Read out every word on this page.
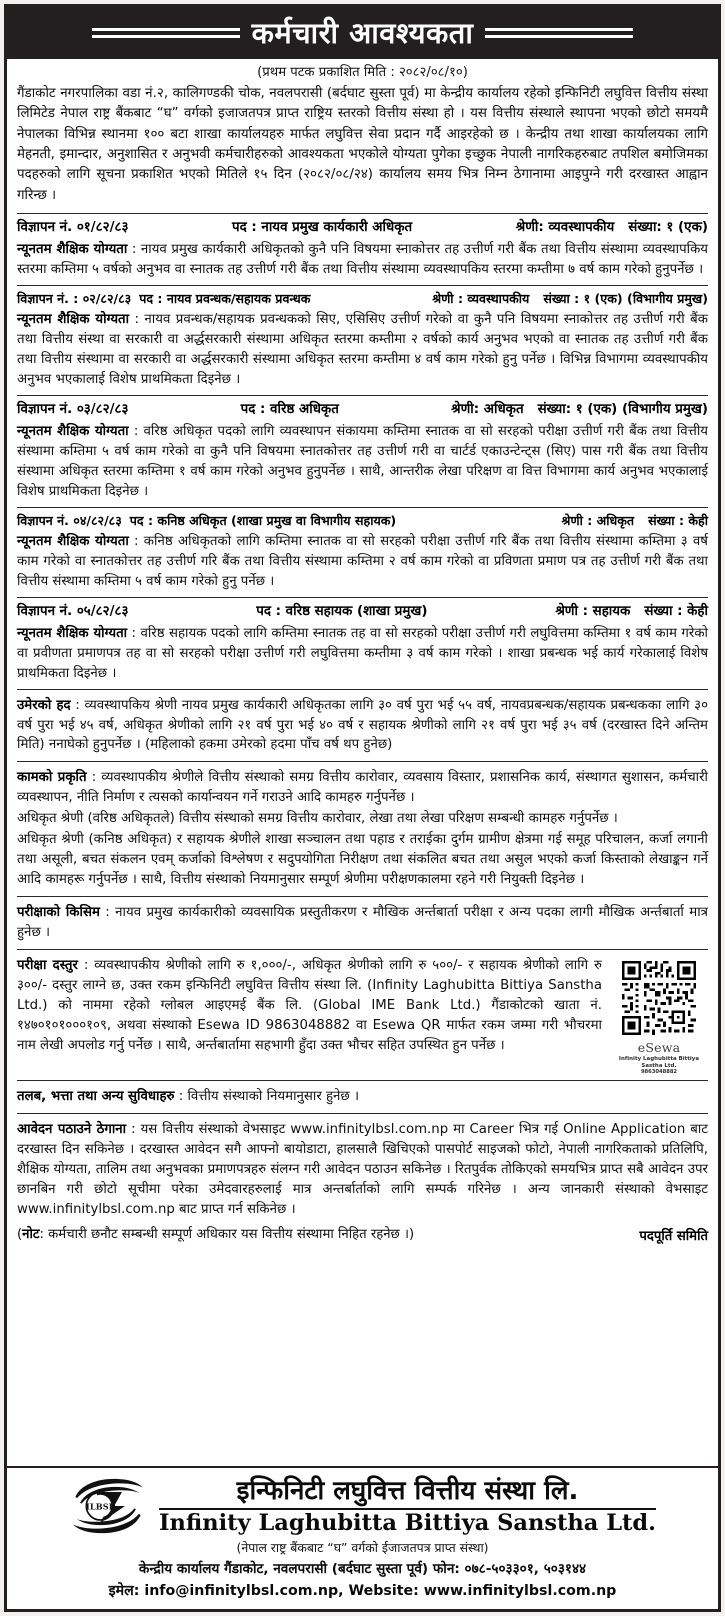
कर्मचारी आवश्यकता
(प्रथम पटक प्रकाशित मिति : २०८२/०८/१०)
गैंडाकोट नगरपालिका वडा नं.२, कालिगण्डकी चोक, नवलपरासी (बर्दघाट सुस्ता पूर्व) मा केन्द्रीय कार्यालय रहेको इन्फिनिटी लघुवित्त वित्तीय संस्था लिमिटेड नेपाल राष्ट्र बैंकबाट “घ” वर्गको इजाजतपत्र प्राप्त राष्ट्रिय स्तरको वित्तीय संस्था हो । यस वित्तीय संस्थाले स्थापना भएको छोटो समयमै नेपालका विभिन्न स्थानमा १०० बटा शाखा कार्यालयहरु मार्फत लघुवित्त सेवा प्रदान गर्दै आइरहेको छ । केन्द्रीय तथा शाखा कार्यालयका लागि मेहनती, इमान्दार, अनुशासित र अनुभवी कर्मचारीहरुको आवश्यकता भएकोले योग्यता पुगेका इच्छुक नेपाली नागरिकहरुबाट तपशिल बमोजिमका पदहरुको लागि सूचना प्रकाशित भएको मितिले १५ दिन (२०८२/०८/२४) कार्यालय समय भित्र निम्न ठेगानामा आइपुग्ने गरी दरखास्त आह्वान गरिन्छ ।
विज्ञापन नं. ०१/८२/८३	पद : नायव प्रमुख कार्यकारी अधिकृत	श्रेणी: व्यवस्थापकीय	संख्या: १ (एक)
न्यूनतम शैक्षिक योग्यता : नायव प्रमुख कार्यकारी अधिकृतको कुनै पनि विषयमा स्नाकोत्तर तह उत्तीर्ण गरी बैंक तथा वित्तीय संस्थामा व्यवस्थापकिय स्तरमा कम्तिमा ५ वर्षको अनुभव वा स्नातक तह उत्तीर्ण गरी बैंक तथा वित्तीय संस्थामा व्यवस्थापकिय स्तरमा कम्तीमा ७ वर्ष काम गरेको हुनुपर्नेछ ।
विज्ञापन नं. : ०२/८२/८३ पद : नायव प्रवन्धक/सहायक प्रवन्धक	श्रेणी : व्यवस्थापकीय	संख्या : १ (एक) (विभागीय प्रमुख)
न्यूनतम शैक्षिक योग्यता : नायव प्रवन्धक/सहायक प्रवन्धकको सिए, एसिसिए उत्तीर्ण गरेको वा कुनै पनि विषयमा स्नाकोत्तर तह उत्तीर्ण गरी बैंक तथा वित्तीय संस्था वा सरकारी वा अर्द्धसरकारी संस्थामा अधिकृत स्तरमा कम्तीमा २ वर्षको कार्य अनुभव भएको वा स्नातक तह उत्तीर्ण गरी बैंक तथा वित्तीय संस्थामा वा सरकारी वा अर्द्धसरकारी संस्थामा अधिकृत स्तरमा कम्तीमा ४ वर्ष काम गरेको हुनु पर्नेछ । विभिन्न विभागमा व्यवस्थापकीय अनुभव भएकालाई विशेष प्राथमिकता दिइनेछ ।
विज्ञापन नं. ०३/८२/८३	पद : वरिष्ठ अधिकृत	श्रेणी: अधिकृत	संख्या: १ (एक) (विभागीय प्रमुख)
न्यूनतम शैक्षिक योग्यता : वरिष्ठ अधिकृत पदको लागि व्यवस्थापन संकायमा कम्तिमा स्नातक वा सो सरहको परीक्षा उत्तीर्ण गरी बैंक तथा वित्तीय संस्थामा कम्तिमा ५ वर्ष काम गरेको वा कुनै पनि विषयमा स्नातकोत्तर तह उत्तीर्ण गरी वा चार्टर्ड एकाउन्टेन्ट्स (सिए) पास गरी बैंक तथा वित्तीय संस्थामा अधिकृत स्तरमा कम्तिमा १ वर्ष काम गरेको अनुभव हुनुपर्नेछ । साथै, आन्तरीक लेखा परिक्षण वा वित्त विभागमा कार्य अनुभव भएकालाई विशेष प्राथमिकता दिइनेछ ।
विज्ञापन नं. ०४/८२/८३ पद : कनिष्ठ अधिकृत (शाखा प्रमुख वा विभागीय सहायक)	श्रेणी : अधिकृत	संख्या : केही
न्यूनतम शैक्षिक योग्यता : कनिष्ठ अधिकृतको लागि कम्तिमा स्नातक वा सो सरहको परीक्षा उत्तीर्ण गरि बैंक तथा वित्तीय संस्थामा कम्तिमा ३ वर्ष काम गरेको वा स्नातकोत्तर तह उत्तीर्ण गरि बैंक तथा वित्तीय संस्थामा कम्तिमा २ वर्ष काम गरेको वा प्रविणता प्रमाण पत्र तह उत्तीर्ण गरी बैंक तथा वित्तीय संस्थामा कम्तिमा ५ वर्ष काम गरेको हुनु पर्नेछ ।
विज्ञापन नं. ०५/८२/८३	पद : वरिष्ठ सहायक (शाखा प्रमुख)	श्रेणी : सहायक	संख्या : केही
न्यूनतम शैक्षिक योग्यता : वरिष्ठ सहायक पदको लागि कम्तिमा स्नातक तह वा सो सरहको परीक्षा उत्तीर्ण गरी लघुवित्तमा कम्तिमा १ वर्ष काम गरेको वा प्रवीणता प्रमाणपत्र तह वा सो सरहको परीक्षा उत्तीर्ण गरी लघुवित्तमा कम्तीमा ३ वर्ष काम गरेको । शाखा प्रबन्धक भई कार्य गरेकालाई विशेष प्राथमिकता दिइनेछ ।

उमेरको हद : व्यवस्थापकिय श्रेणी नायव प्रमुख कार्यकारी अधिकृतका लागि ३० वर्ष पुरा भई ५५ वर्ष, नायवप्रबन्धक/सहायक प्रबन्धकका लागि ३० वर्ष पुरा भई ४५ वर्ष, अधिकृत श्रेणीको लागि २१ वर्ष पुरा भई ४० वर्ष र सहायक श्रेणीको लागि २१ वर्ष पुरा भई ३५ वर्ष (दरखास्त दिने अन्तिम मिति) ननाघेको हुनुपर्नेछ । (महिलाको हकमा उमेरको हदमा पाँच वर्ष थप हुनेछ)

कामको प्रकृति : व्यवस्थापकीय श्रेणीले वित्तीय संस्थाको समग्र वित्तीय कारोवार, व्यवसाय विस्तार, प्रशासनिक कार्य, संस्थागत सुशासन, कर्मचारी व्यवस्थापन, नीति निर्माण र त्यसको कार्यान्वयन गर्ने गराउने आदि कामहरु गर्नुपर्नेछ ।

अधिकृत श्रेणी (वरिष्ठ अधिकृतले) वित्तीय संस्थाको समग्र वित्तीय कारोवार, लेखा तथा लेखा परिक्षण सम्बन्धी कामहरु गर्नुपर्नेछ ।

अधिकृत श्रेणी (कनिष्ठ अधिकृत) र सहायक श्रेणीले शाखा सञ्चालन तथा पहाड र तराईका दुर्गम ग्रामीण क्षेत्रमा गई समूह परिचालन, कर्जा लगानी तथा असूली, बचत संकलन एवम् कर्जाको विश्लेषण र सदुपयोगिता निरीक्षण तथा संकलित बचत तथा असुल भएको कर्जा किस्ताको लेखाङ्कन गर्ने आदि कामहरू गर्नुपर्नेछ । साथै, वित्तीय संस्थाको नियमानुसार सम्पूर्ण श्रेणीमा परीक्षणकालमा रहने गरी नियुक्ती दिइनेछ ।

परीक्षाको किसिम : नायव प्रमुख कार्यकारीको व्यवसायिक प्रस्तुतीकरण र मौखिक अर्न्तबार्ता परीक्षा र अन्य पदका लागी मौखिक अर्न्तबार्ता मात्र हुनेछ ।

eSewa
Infinity Laghubitta Bittiya Sastha Ltd.
9863048882
परीक्षा दस्तुर : व्यवस्थापकीय श्रेणीको लागि रु १,०००/-, अधिकृत श्रेणीको लागि रु ५००/- र सहायक श्रेणीको लागि रु ३००/- दस्तुर लाग्ने छ, उक्त रकम इन्फिनिटी लघुवित्त वित्तीय संस्था लि. (Infinity Laghubitta Bittiya Sanstha Ltd.) को नाममा रहेको ग्लोबल आइएमई बैंक लि. (Global IME Bank Ltd.) गैंडाकोटको खाता नं. १४७०१०१०००१०९, अथवा संस्थाको Esewa ID 9863048882 वा Esewa QR मार्फत रकम जम्मा गरी भौचरमा नाम लेखी अपलोड गर्नु पर्नेछ । साथै, अर्न्तबार्तामा सहभागी हुँदा उक्त भौचर सहित उपस्थित हुन पर्नेछ ।

तलब, भत्ता तथा अन्य सुविधाहरु : वित्तीय संस्थाको नियमानुसार हुनेछ ।

आवेदन पठाउने ठेगाना : यस वित्तीय संस्थाको वेभसाइट www.infinitylbsl.com.np मा Career भित्र गई Online Application बाट दरखास्त दिन सकिनेछ । दरखास्त आवेदन सगै आफ्नो बायोडाटा, हालसालै खिचिएको पासपोर्ट साइजको फोटो, नेपाली नागरिकताको प्रतिलिपि, शैक्षिक योग्यता, तालिम तथा अनुभवका प्रमाणपत्रहरु संलग्न गरी आवेदन पठाउन सकिनेछ । रितपुर्वक तोकिएको समयभित्र प्राप्त सबै आवेदन उपर छानबिन गरी छोटो सूचीमा परेका उमेदवारहरुलाई मात्र अन्तर्बार्ताको लागि सम्पर्क गरिनेछ । अन्य जानकारी संस्थाको वेभसाइट www.infinitylbsl.com.np बाट प्राप्त गर्न सकिनेछ ।

(नोट: कर्मचारी छनौट सम्बन्धी सम्पूर्ण अधिकार यस वित्तीय संस्थामा निहित रहनेछ ।)	पदपूर्ति समिति
ILBSL
इन्फिनिटी लघुवित्त वित्तीय संस्था लि.
Infinity Laghubitta Bittiya Sanstha Ltd.
(नेपाल राष्ट्र बैंकबाट “घ” वर्गको ईजाजतपत्र प्राप्त संस्था)
केन्द्रीय कार्यालय गैंडाकोट, नवलपरासी (बर्दघाट सुस्ता पूर्व) फोन: ०७८-५०३३०१, ५०३१४४
इमेल: info@infinitylbsl.com.np, Website: www.infinitylbsl.com.np
